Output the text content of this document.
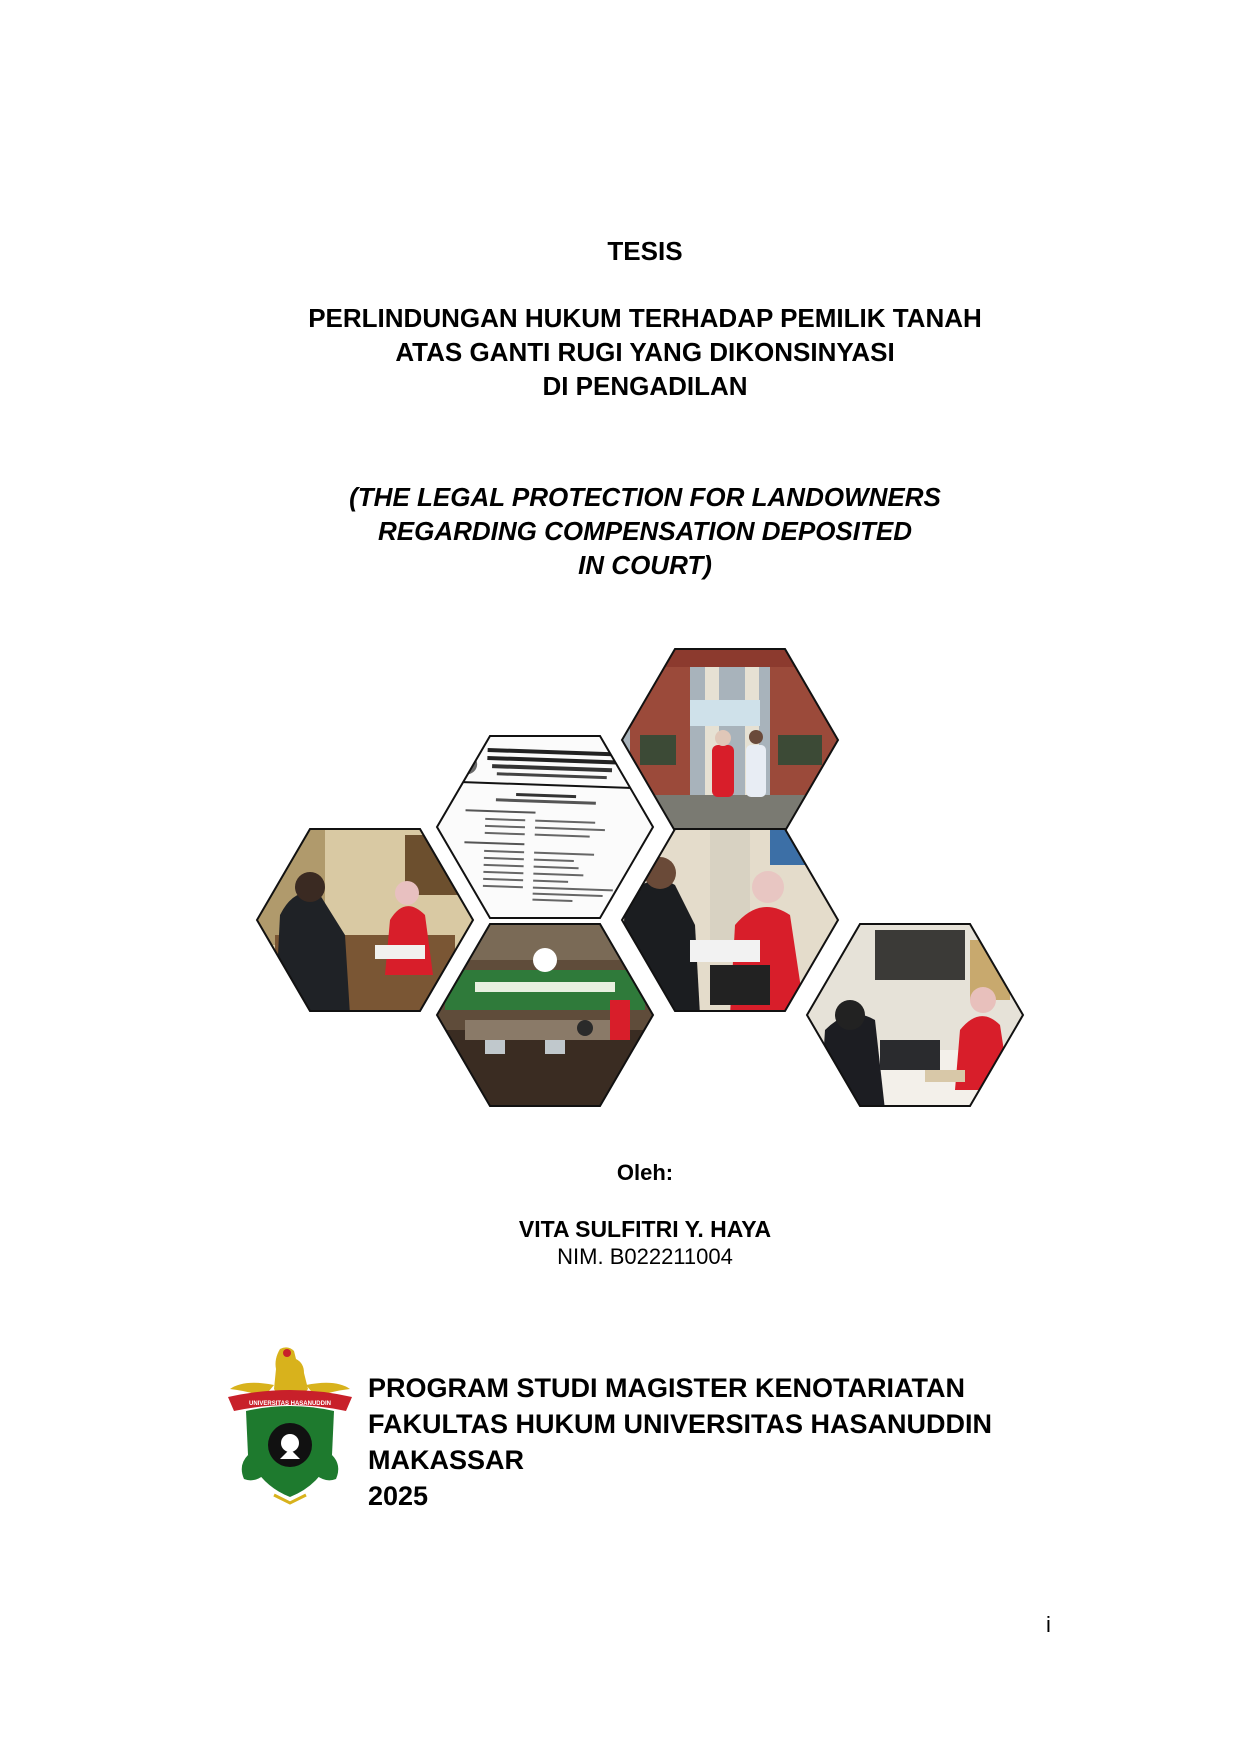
TESIS
PERLINDUNGAN HUKUM TERHADAP PEMILIK TANAH
ATAS GANTI RUGI YANG DIKONSINYASI
DI PENGADILAN
(THE LEGAL PROTECTION FOR LANDOWNERS
REGARDING COMPENSATION DEPOSITED
IN COURT)
Oleh:
VITA SULFITRI Y. HAYA
NIM. B022211004
UNIVERSITAS HASANUDDIN
PROGRAM STUDI MAGISTER KENOTARIATAN
FAKULTAS HUKUM UNIVERSITAS HASANUDDIN
MAKASSAR
2025
i
